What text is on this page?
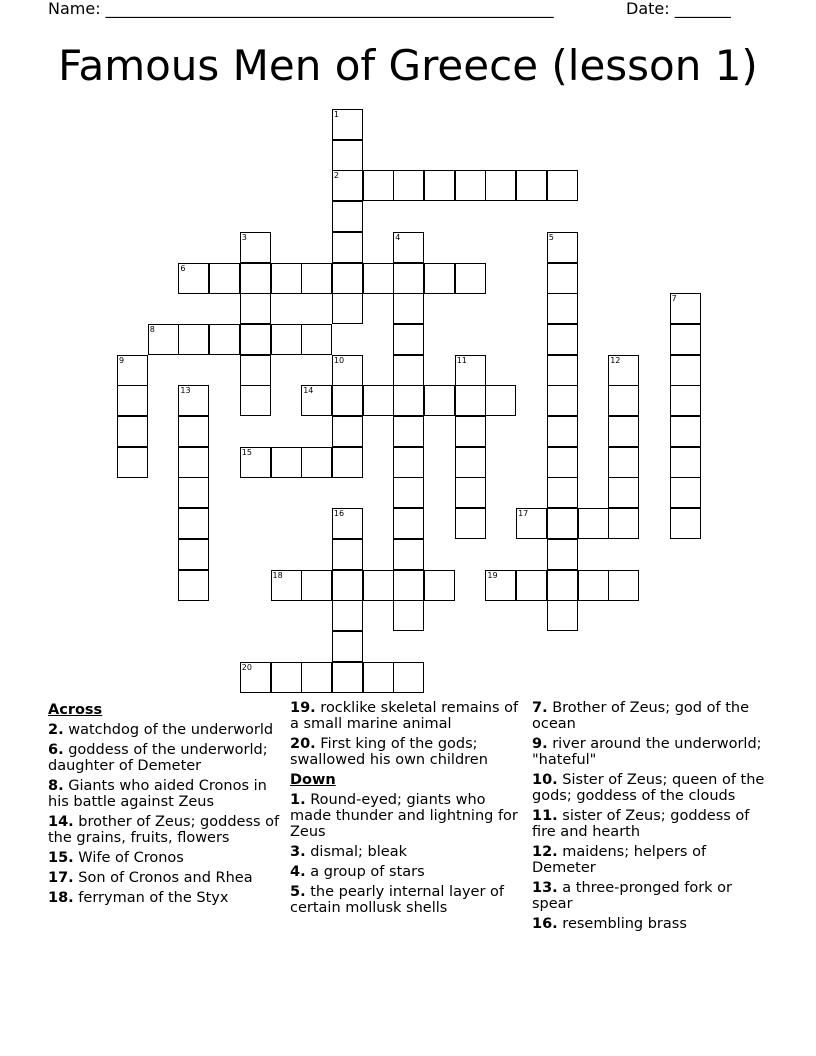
Name: ________________________________________________________	Date: _______
Famous Men of Greece (lesson 1)
1
2
3	4	5
6
7
8
9	10	11	12
13	14
15
16	17
18	19
20
Across
2. watchdog of the underworld
6. goddess of the underworld; daughter of Demeter
8. Giants who aided Cronos in his battle against Zeus
14. brother of Zeus; goddess of the grains, fruits, flowers
15. Wife of Cronos
17. Son of Cronos and Rhea
18. ferryman of the Styx
19. rocklike skeletal remains of a small marine animal
20. First king of the gods; swallowed his own children
Down
1. Round-eyed; giants who made thunder and lightning for Zeus
3. dismal; bleak
4. a group of stars
5. the pearly internal layer of certain mollusk shells
7. Brother of Zeus; god of the ocean
9. river around the underworld; "hateful"
10. Sister of Zeus; queen of the gods; goddess of the clouds
11. sister of Zeus; goddess of fire and hearth
12. maidens; helpers of Demeter
13. a three-pronged fork or spear
16. resembling brass
